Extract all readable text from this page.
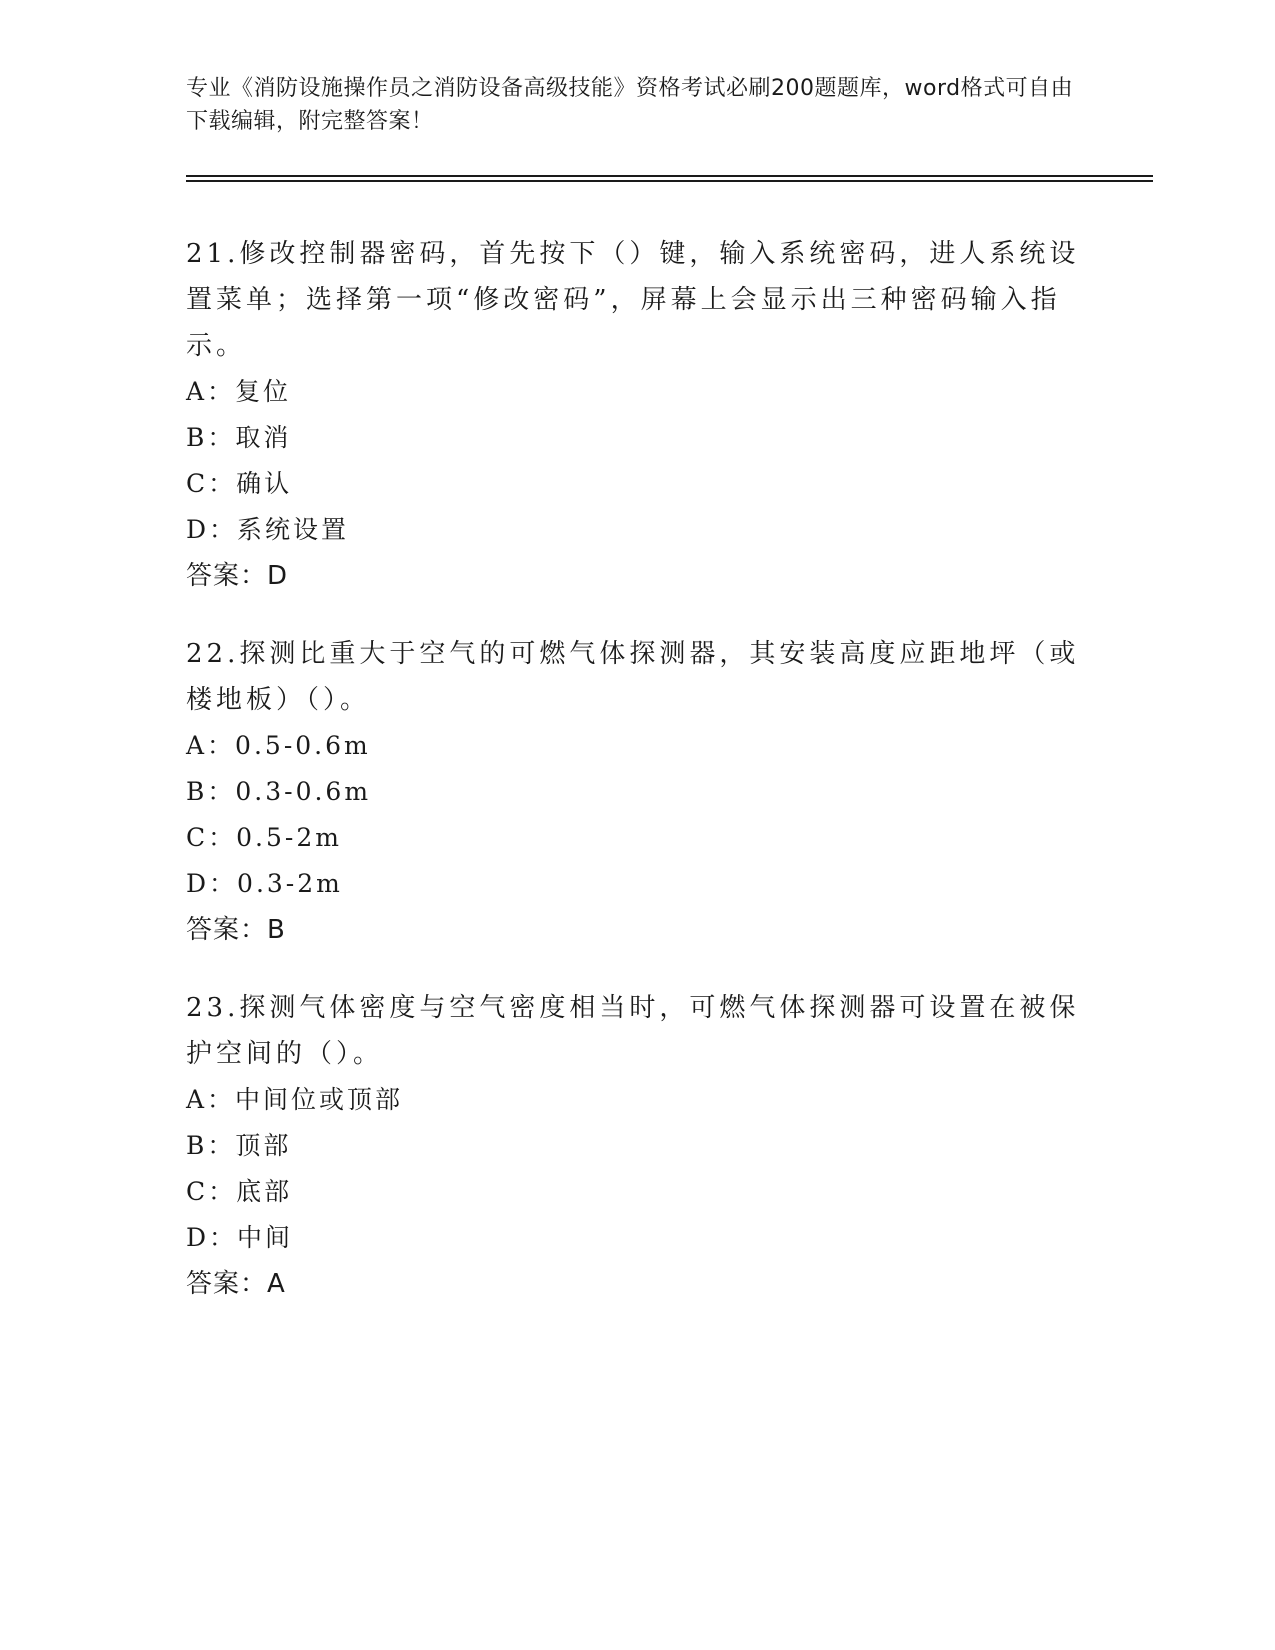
专业《消防设施操作员之消防设备高级技能》资格考试必刷200题题库，word格式可自由下载编辑，附完整答案！

21.修改控制器密码，首先按下（）键，输入系统密码，进人系统设置菜单；选择第一项“修改密码”，屏幕上会显示出三种密码输入指示。

A：复位

B：取消

C：确认

D：系统设置

答案：D

22.探测比重大于空气的可燃气体探测器，其安装高度应距地坪（或楼地板）（）。

A：0.5-0.6m

B：0.3-0.6m

C：0.5-2m

D：0.3-2m

答案：B

23.探测气体密度与空气密度相当时，可燃气体探测器可设置在被保护空间的（）。

A：中间位或顶部

B：顶部

C：底部

D：中间

答案：A
